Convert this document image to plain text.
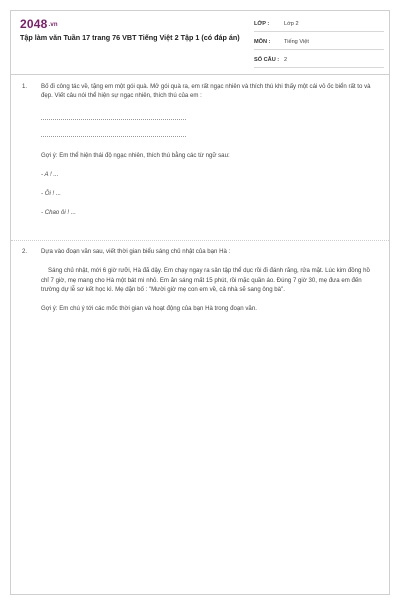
2048.vn
Tập làm văn Tuần 17 trang 76 VBT Tiếng Việt 2 Tập 1 (có đáp án)
LỚP :	Lớp 2
MÔN :	Tiếng Việt
SỐ CÂU : 2
1. Bố đi công tác về, tặng em một gói quà. Mở gói quà ra, em rất ngạc nhiên và thích thú khi thấy một cái vỏ ốc biển rất to và đẹp. Viết câu nói thể hiện sự ngạc nhiên, thích thú của em :
Gợi ý: Em thể hiện thái độ ngạc nhiên, thích thú bằng các từ ngữ sau:
- A ! ...
- Ôi ! ...
- Chao ôi ! ...
2. Dựa vào đoạn văn sau, viết thời gian biểu sáng chủ nhật của bạn Hà :
Sáng chủ nhật, mới 6 giờ rưỡi, Hà đã dậy. Em chạy ngay ra sân tập thể dục rồi đi đánh răng, rửa mặt. Lúc kim đồng hồ chỉ 7 giờ, mẹ mang cho Hà một bát mì nhỏ. Em ăn sáng mất 15 phút, rồi mặc quần áo. Đúng 7 giờ 30, mẹ đưa em đến trường dự lễ sơ kết học kì. Mẹ dặn bố : "Mười giờ mẹ con em về, cả nhà sẽ sang ông bà".
Gợi ý: Em chú ý tới các mốc thời gian và hoạt động của bạn Hà trong đoạn văn.
